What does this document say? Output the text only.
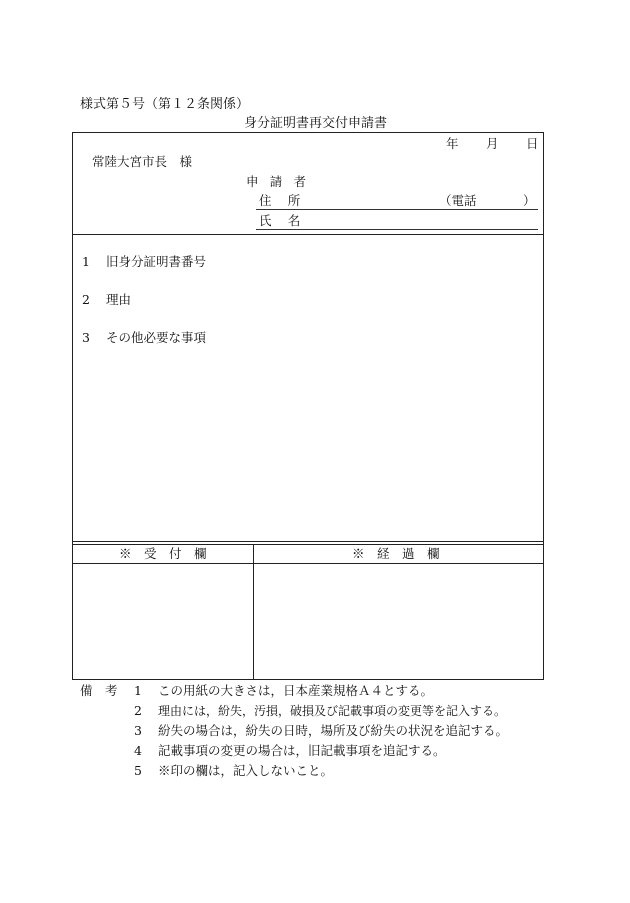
様式第５号（第１２条関係）
身分証明書再交付申請書
年 月 日
常陸大宮市長　様
申請者
住所	（電話	）
氏名
1 旧身分証明書番号
2 理由
3 その他必要な事項
※　受　付　欄	※　経　過　欄
備　考 1 この用紙の大きさは，日本産業規格Ａ４とする。
2 理由には，紛失，汚損，破損及び記載事項の変更等を記入する。
3 紛失の場合は，紛失の日時，場所及び紛失の状況を追記する。
4 記載事項の変更の場合は，旧記載事項を追記する。
5 ※印の欄は，記入しないこと。
